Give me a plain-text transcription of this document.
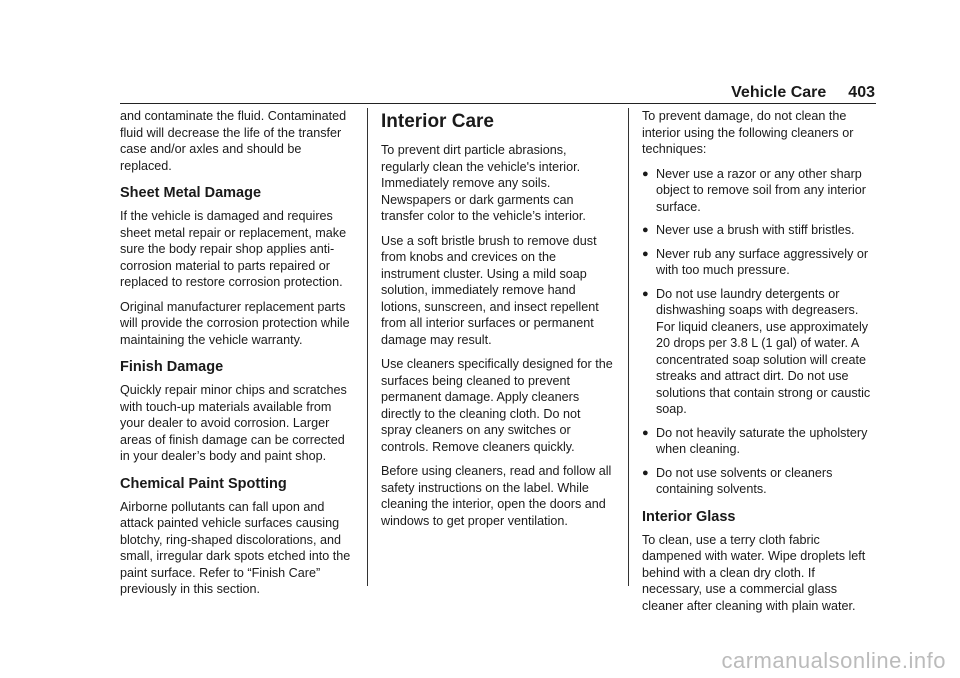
Vehicle Care 403

and contaminate the fluid. Contaminated fluid will decrease the life of the transfer case and/or axles and should be replaced.

Sheet Metal Damage

If the vehicle is damaged and requires sheet metal repair or replacement, make sure the body repair shop applies anti-corrosion material to parts repaired or replaced to restore corrosion protection.

Original manufacturer replacement parts will provide the corrosion protection while maintaining the vehicle warranty.

Finish Damage

Quickly repair minor chips and scratches with touch-up materials available from your dealer to avoid corrosion. Larger areas of finish damage can be corrected in your dealer’s body and paint shop.

Chemical Paint Spotting

Airborne pollutants can fall upon and attack painted vehicle surfaces causing blotchy, ring-shaped discolorations, and small, irregular dark spots etched into the paint surface. Refer to “Finish Care” previously in this section.

Interior Care

To prevent dirt particle abrasions, regularly clean the vehicle's interior. Immediately remove any soils. Newspapers or dark garments can transfer color to the vehicle’s interior.

Use a soft bristle brush to remove dust from knobs and crevices on the instrument cluster. Using a mild soap solution, immediately remove hand lotions, sunscreen, and insect repellent from all interior surfaces or permanent damage may result.

Use cleaners specifically designed for the surfaces being cleaned to prevent permanent damage. Apply cleaners directly to the cleaning cloth. Do not spray cleaners on any switches or controls. Remove cleaners quickly.

Before using cleaners, read and follow all safety instructions on the label. While cleaning the interior, open the doors and windows to get proper ventilation.

To prevent damage, do not clean the interior using the following cleaners or techniques:

● Never use a razor or any other sharp object to remove soil from any interior surface.
● Never use a brush with stiff bristles.
● Never rub any surface aggressively or with too much pressure.
● Do not use laundry detergents or dishwashing soaps with degreasers. For liquid cleaners, use approximately 20 drops per 3.8 L (1 gal) of water. A concentrated soap solution will create streaks and attract dirt. Do not use solutions that contain strong or caustic soap.
● Do not heavily saturate the upholstery when cleaning.
● Do not use solvents or cleaners containing solvents.
Interior Glass

To clean, use a terry cloth fabric dampened with water. Wipe droplets left behind with a clean dry cloth. If necessary, use a commercial glass cleaner after cleaning with plain water.

carmanualsonline.info
